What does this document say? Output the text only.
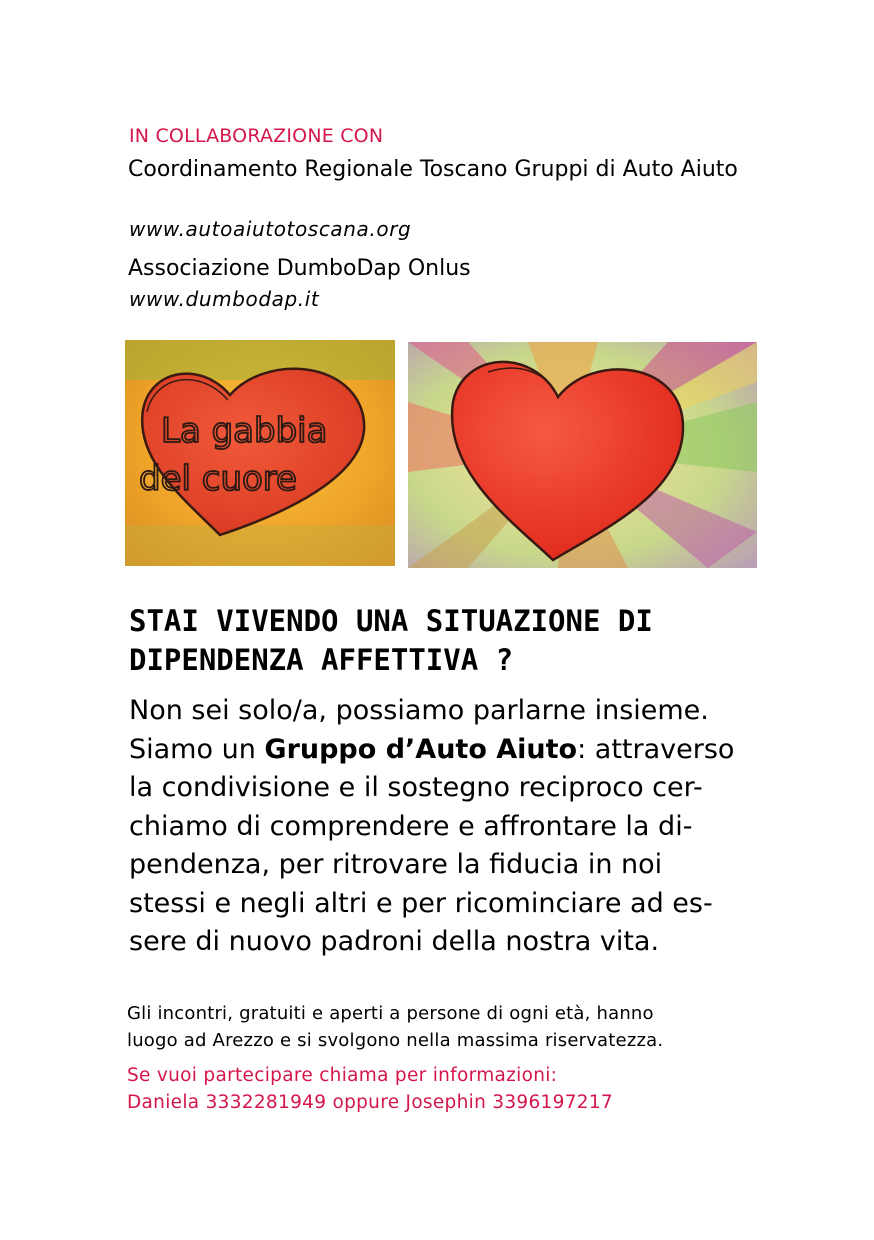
IN COLLABORAZIONE CON
Coordinamento Regionale Toscano Gruppi di Auto Aiuto
www.autoaiutotoscana.org
Associazione DumboDap Onlus
www.dumbodap.it
La gabbia
del cuore
STAI VIVENDO UNA SITUAZIONE DI
DIPENDENZA AFFETTIVA ?
Non sei solo/a, possiamo parlarne insieme.
Siamo un Gruppo d’Auto Aiuto: attraverso
la condivisione e il sostegno reciproco cer-
chiamo di comprendere e affrontare la di-
pendenza, per ritrovare la fiducia in noi
stessi e negli altri e per ricominciare ad es-
sere di nuovo padroni della nostra vita.
Gli incontri, gratuiti e aperti a persone di ogni età, hanno
luogo ad Arezzo e si svolgono nella massima riservatezza.
Se vuoi partecipare chiama per informazioni:
Daniela 3332281949 oppure Josephin 3396197217
